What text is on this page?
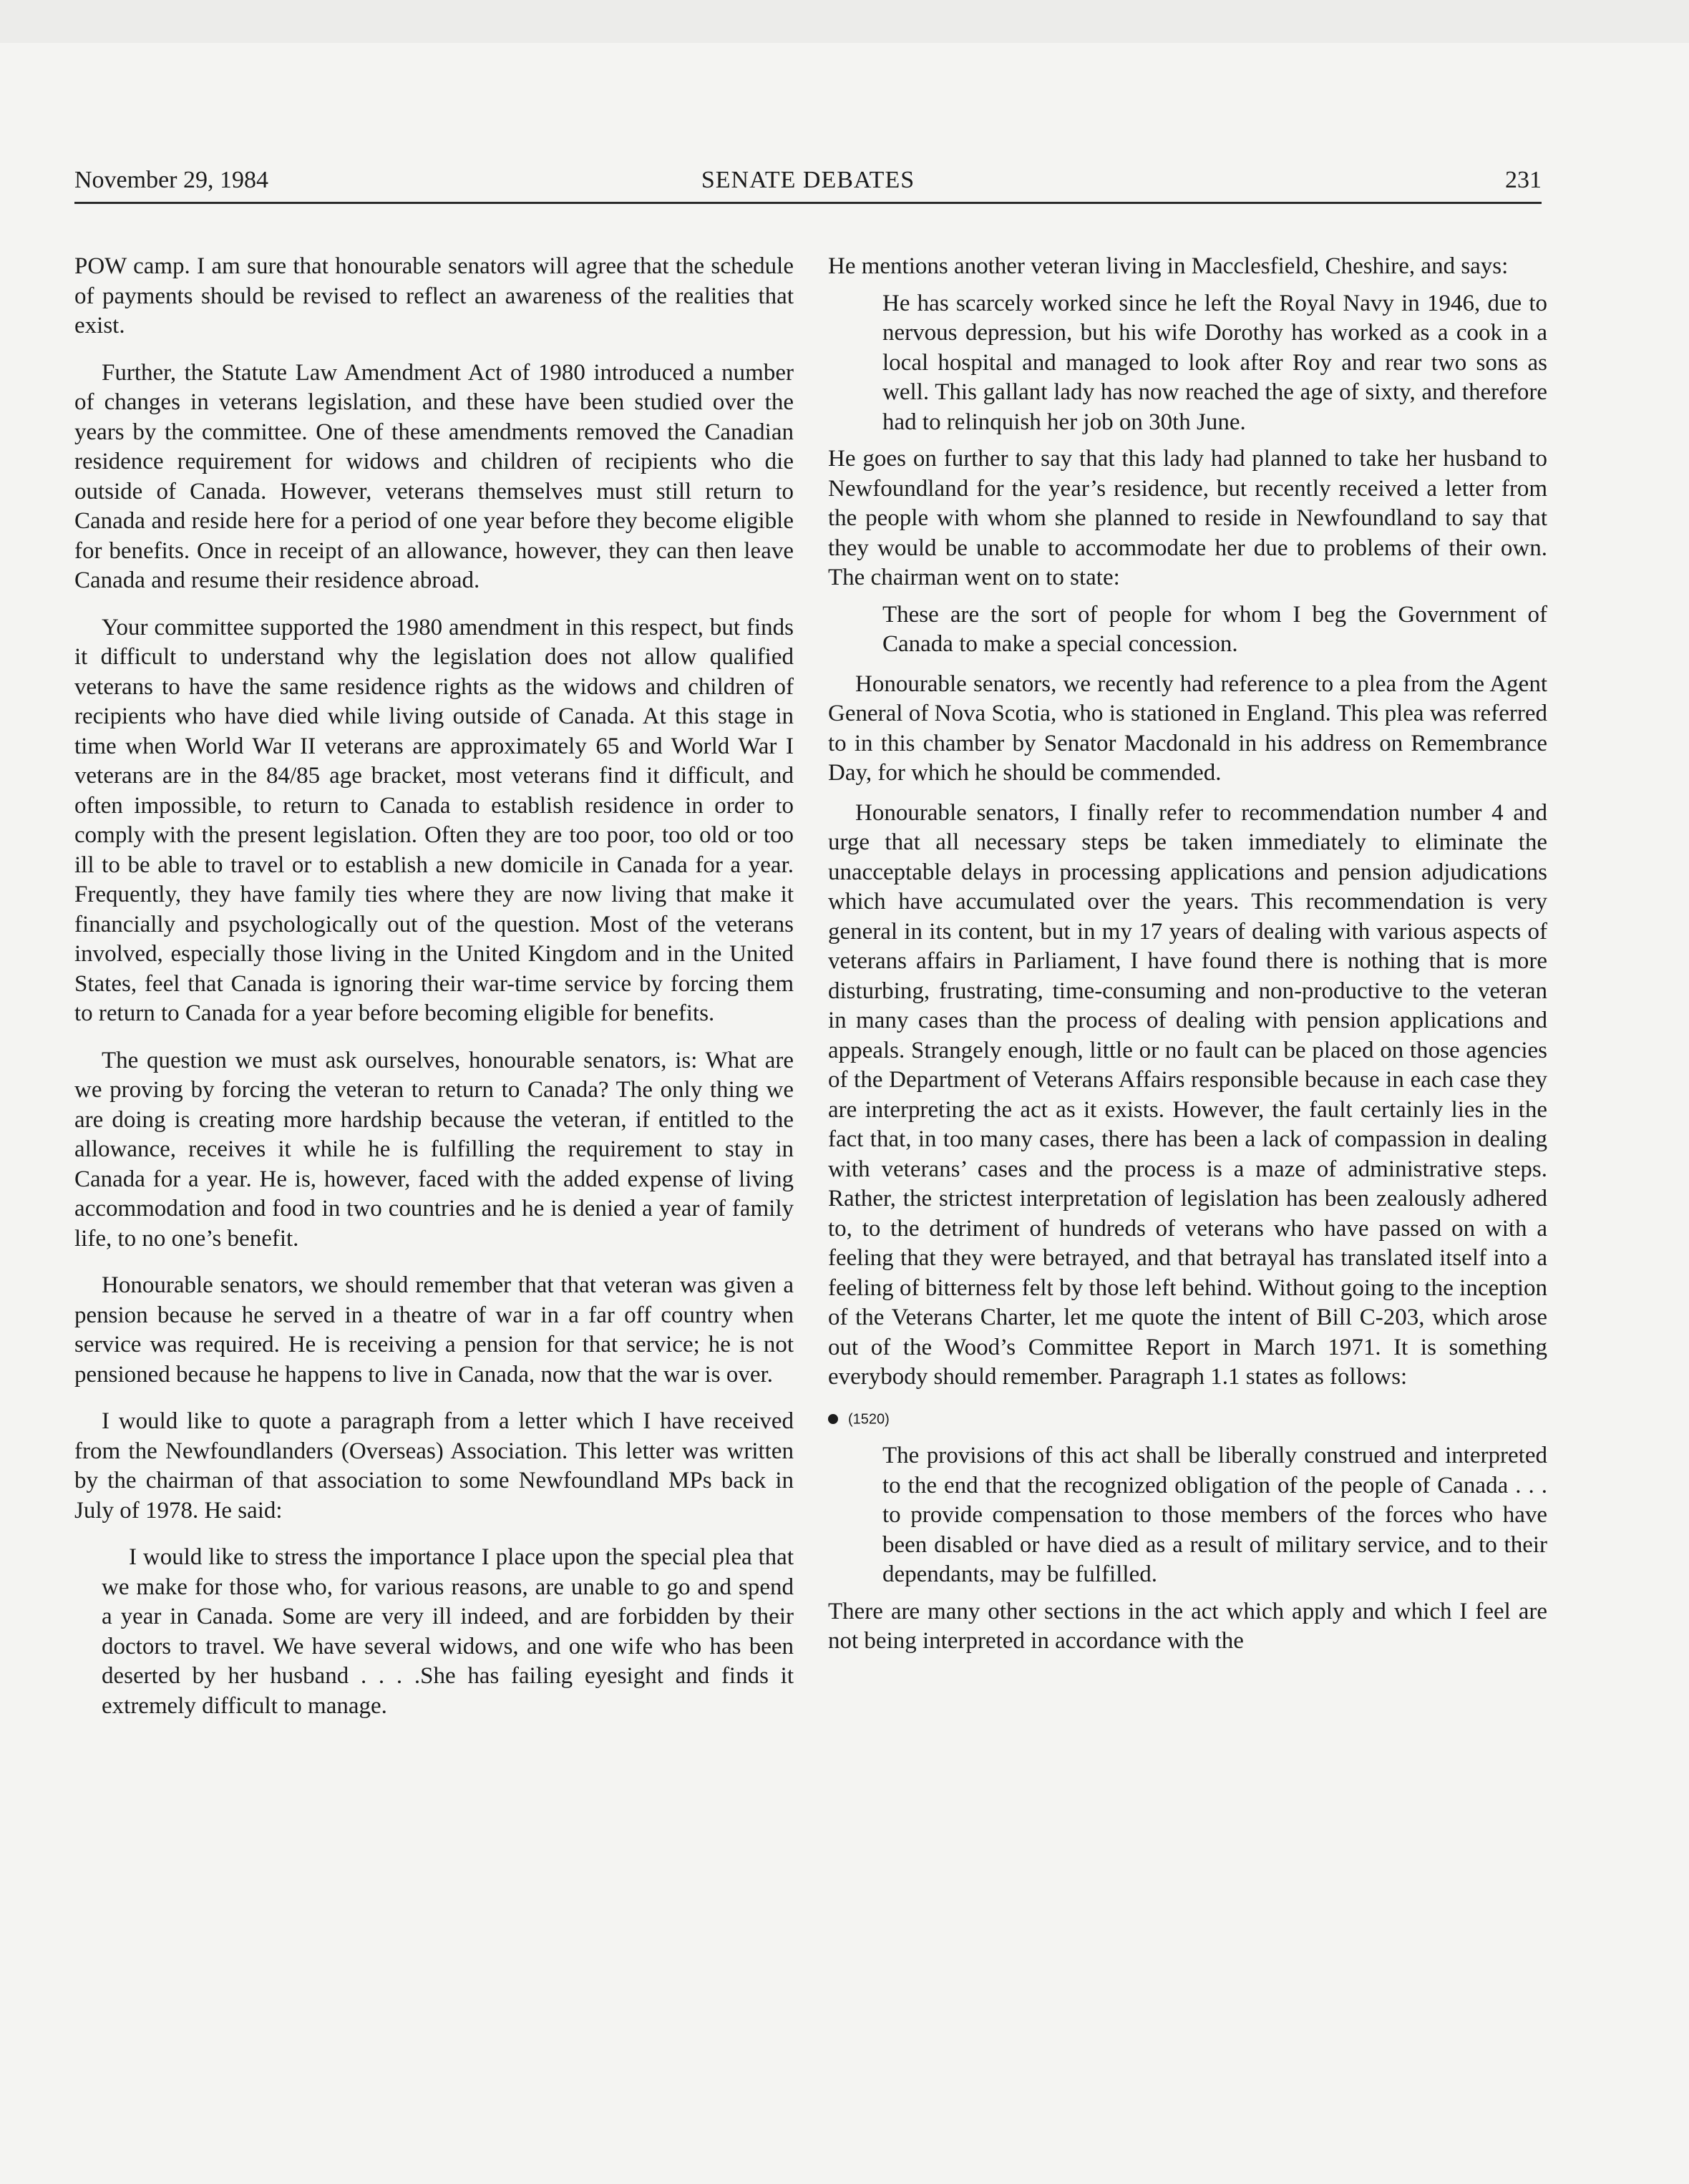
November 29, 1984	SENATE DEBATES	231

POW camp. I am sure that honourable senators will agree that the schedule of payments should be revised to reflect an awareness of the realities that exist.

Further, the Statute Law Amendment Act of 1980 introduced a number of changes in veterans legislation, and these have been studied over the years by the committee. One of these amendments removed the Canadian residence requirement for widows and children of recipients who die outside of Canada. However, veterans themselves must still return to Canada and reside here for a period of one year before they become eligible for benefits. Once in receipt of an allowance, however, they can then leave Canada and resume their residence abroad.

Your committee supported the 1980 amendment in this respect, but finds it difficult to understand why the legislation does not allow qualified veterans to have the same residence rights as the widows and children of recipients who have died while living outside of Canada. At this stage in time when World War II veterans are approximately 65 and World War I veterans are in the 84/85 age bracket, most veterans find it difficult, and often impossible, to return to Canada to establish residence in order to comply with the present legislation. Often they are too poor, too old or too ill to be able to travel or to establish a new domicile in Canada for a year. Frequently, they have family ties where they are now living that make it financially and psychologically out of the question. Most of the veterans involved, especially those living in the United Kingdom and in the United States, feel that Canada is ignoring their war-time service by forcing them to return to Canada for a year before becoming eligible for benefits.

The question we must ask ourselves, honourable senators, is: What are we proving by forcing the veteran to return to Canada? The only thing we are doing is creating more hardship because the veteran, if entitled to the allowance, receives it while he is fulfilling the requirement to stay in Canada for a year. He is, however, faced with the added expense of living accommodation and food in two countries and he is denied a year of family life, to no one’s benefit.

Honourable senators, we should remember that that veteran was given a pension because he served in a theatre of war in a far off country when service was required. He is receiving a pension for that service; he is not pensioned because he happens to live in Canada, now that the war is over.

I would like to quote a paragraph from a letter which I have received from the Newfoundlanders (Overseas) Association. This letter was written by the chairman of that association to some Newfoundland MPs back in July of 1978. He said:

I would like to stress the importance I place upon the special plea that we make for those who, for various reasons, are unable to go and spend a year in Canada. Some are very ill indeed, and are forbidden by their doctors to travel. We have several widows, and one wife who has been deserted by her husband . . . .She has failing eyesight and finds it extremely difficult to manage.

He mentions another veteran living in Macclesfield, Cheshire, and says:

He has scarcely worked since he left the Royal Navy in 1946, due to nervous depression, but his wife Dorothy has worked as a cook in a local hospital and managed to look after Roy and rear two sons as well. This gallant lady has now reached the age of sixty, and therefore had to relinquish her job on 30th June.

He goes on further to say that this lady had planned to take her husband to Newfoundland for the year’s residence, but recently received a letter from the people with whom she planned to reside in Newfoundland to say that they would be unable to accommodate her due to problems of their own. The chairman went on to state:

These are the sort of people for whom I beg the Government of Canada to make a special concession.

Honourable senators, we recently had reference to a plea from the Agent General of Nova Scotia, who is stationed in England. This plea was referred to in this chamber by Senator Macdonald in his address on Remembrance Day, for which he should be commended.

Honourable senators, I finally refer to recommendation number 4 and urge that all necessary steps be taken immediately to eliminate the unacceptable delays in processing applications and pension adjudications which have accumulated over the years. This recommendation is very general in its content, but in my 17 years of dealing with various aspects of veterans affairs in Parliament, I have found there is nothing that is more disturbing, frustrating, time-consuming and non-productive to the veteran in many cases than the process of dealing with pension applications and appeals. Strangely enough, little or no fault can be placed on those agencies of the Department of Veterans Affairs responsible because in each case they are interpreting the act as it exists. However, the fault certainly lies in the fact that, in too many cases, there has been a lack of compassion in dealing with veterans’ cases and the process is a maze of administrative steps. Rather, the strictest interpretation of legislation has been zealously adhered to, to the detriment of hundreds of veterans who have passed on with a feeling that they were betrayed, and that betrayal has translated itself into a feeling of bitterness felt by those left behind. Without going to the inception of the Veterans Charter, let me quote the intent of Bill C-203, which arose out of the Wood’s Committee Report in March 1971. It is something everybody should remember. Paragraph 1.1 states as follows:

(1520)

The provisions of this act shall be liberally construed and interpreted to the end that the recognized obligation of the people of Canada . . . to provide compensation to those members of the forces who have been disabled or have died as a result of military service, and to their dependants, may be fulfilled.

There are many other sections in the act which apply and which I feel are not being interpreted in accordance with the
